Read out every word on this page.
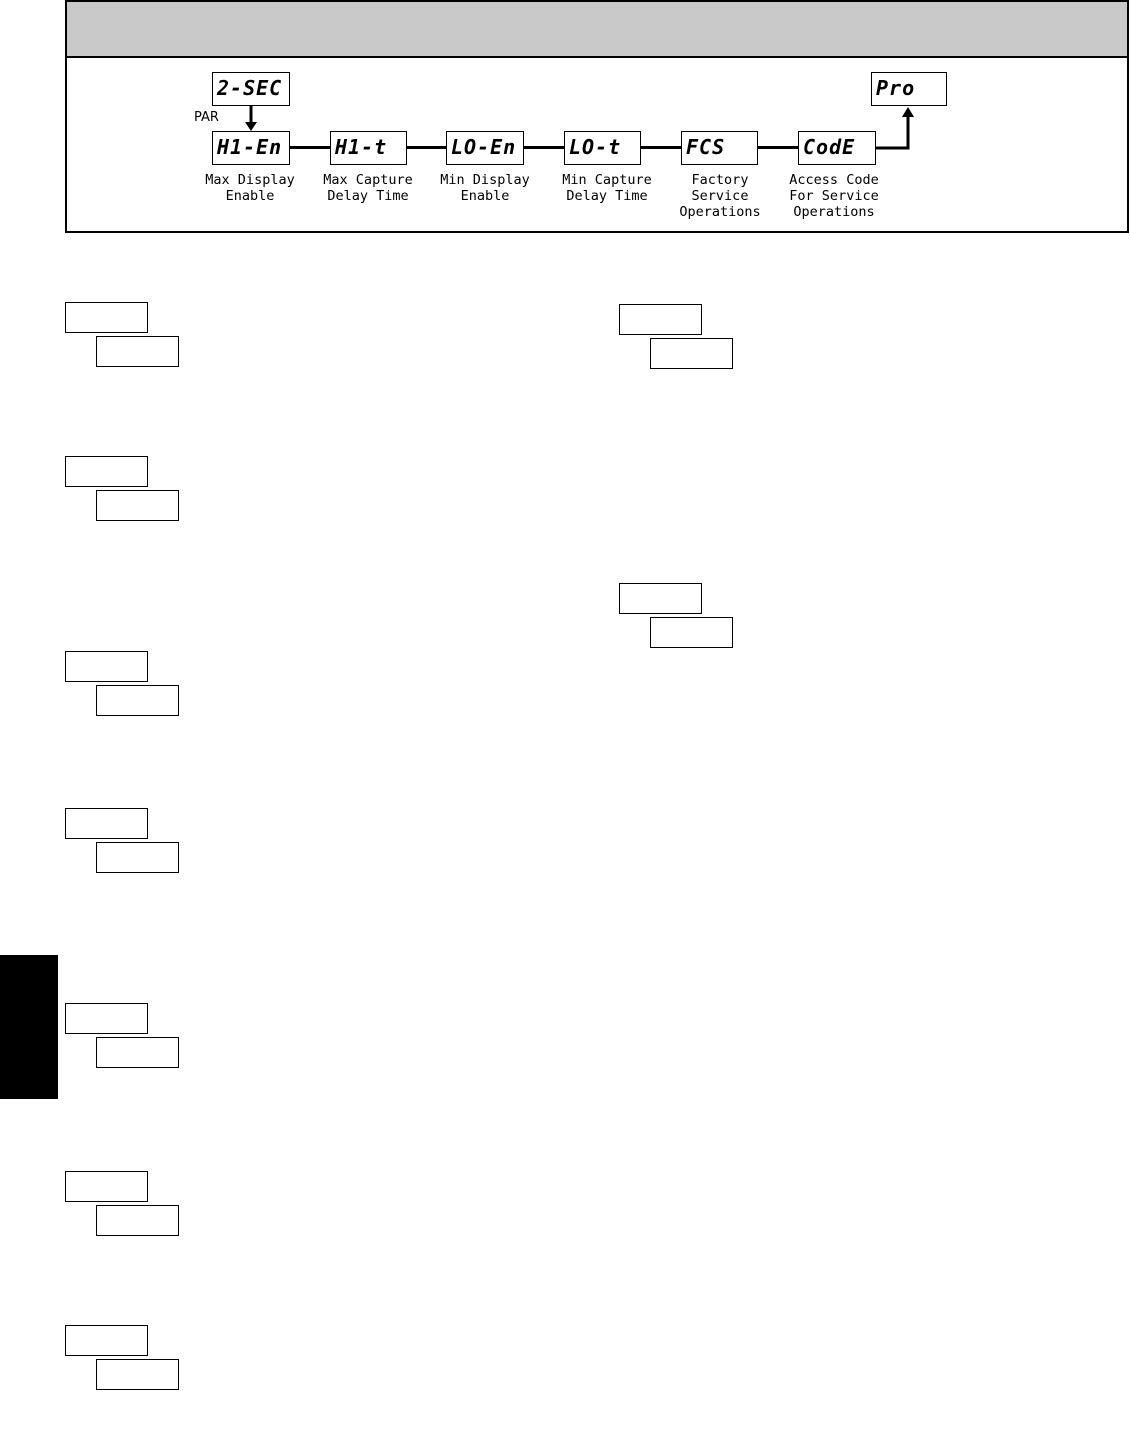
2-SEC
PAR
H1-En	H1-t	LO-En	LO-t	FCS	CodE
Pro
Max Display
Enable
Max Capture
Delay Time
Min Display
Enable
Min Capture
Delay Time
Factory
Service
Operations
Access Code
For Service
Operations
